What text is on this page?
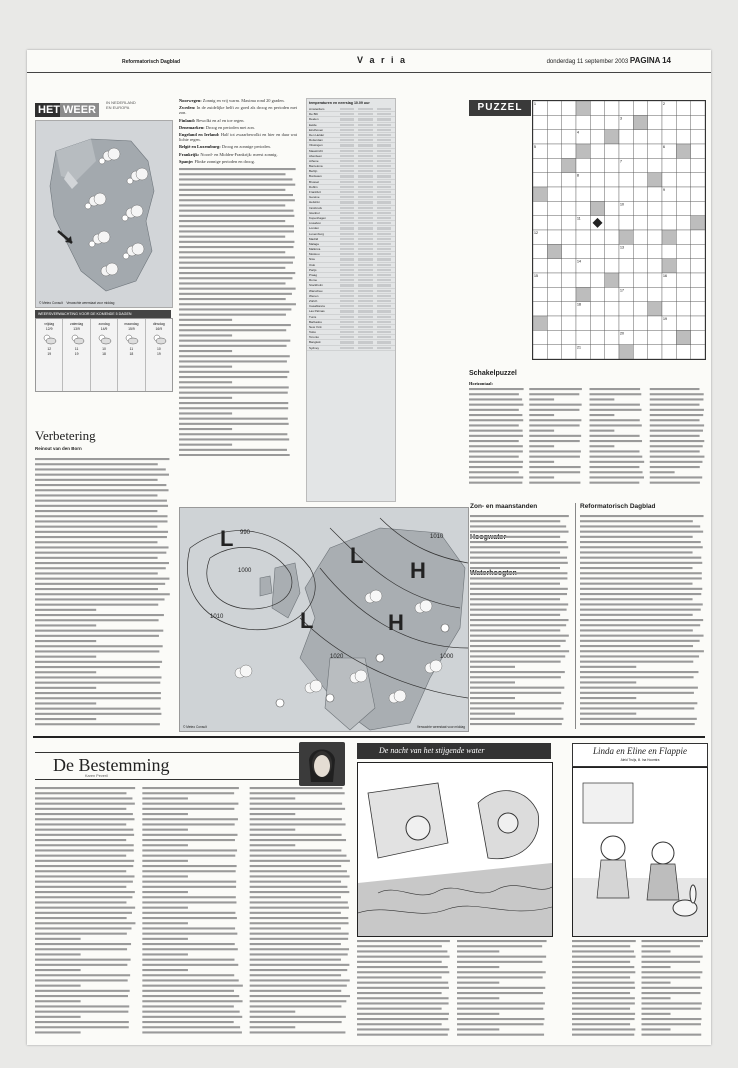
Reformatorisch Dagblad	V a r i a	donderdag 11 september 2003 PAGINA 14
HET WEER IN NEDERLAND
EN EUROPA
© Meteo Consult Verwachte weerstaat voor middag
WEERSVERWACHTING VOOR DE KOMENDE 5 DAGEN
vrijdag
12/9
12
19
zaterdag
13/9
11
19
zondag
14/9
10
18
maandag
15/9
11
18
dinsdag
16/9
10
19
Verbetering
Reinout van den Born

Noorwegen: Zonnig en vrij warm. Maxima rond 20 graden.

Zweden: In de zuidelijke helft zo goed als droog en perioden met zon.

Finland: Bewolkt en af en toe regen.

Denemarken: Droog en perioden met zon.

Engeland en Ierland: Half tot zwaarbewolkt en hier en daar wat lichte regen.

België en Luxemburg: Droog en zonnige perioden.

Frankrijk: Noord- en Midden-Frankrijk: meest zonnig.

Spanje: Flinke zonnige perioden en droog.

temperaturen en neerslag 10.09 uur
Amsterdam
De Bilt
Deelen
Eelde
Eindhoven
Den Helder
Rotterdam
Vlissingen
Maastricht
Aberdeen
Athene
Barcelona
Berlijn
Bordeaux
Brussel
Dublin
Frankfurt
Genève
Helsinki
Innsbruck
Istanbul
Kopenhagen
Lissabon
Londen
Luxemburg
Madrid
Malaga
Mallorca
Moskou
Nice
Oslo
Parijs
Praag
Rome
Stockholm
Warschau
Wenen
Zürich
Casablanca
Las Palmas
Tunis
Barbados
New York
Tokio
Toronto
Bangkok
Sydney
L
L
L
H
H
990
1000
1010
1020
1010
1000
© Meteo Consult	Verwachte weerstaat voor middag
PUZZEL	1	2
3
4
5	6
7
8
9
10
11
12
13
14
15	16
17
18
19
20
21
Schakelpuzzel
Horizontaal:
Zon- en maanstanden	Reformatorisch Dagblad
De Bestemming
Karen Peveril
De nacht van het stijgende water	Linda en Eline en Flappie
Aleid Truijs, ill. Ina Hoomtra
